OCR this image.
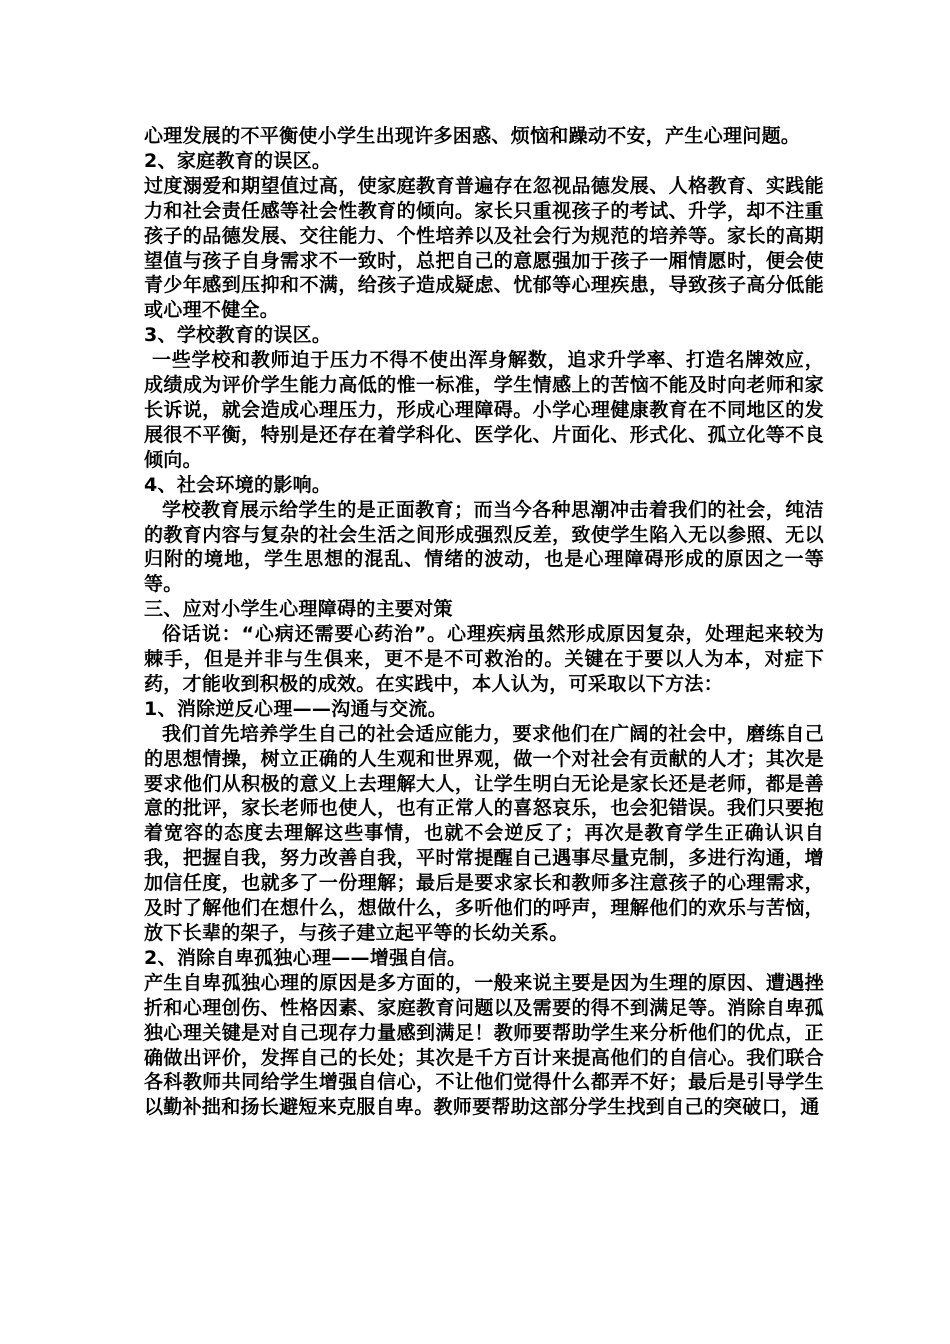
心理发展的不平衡使小学生出现许多困惑、烦恼和躁动不安，产生心理问题。

2、家庭教育的误区。

过度溺爱和期望值过高，使家庭教育普遍存在忽视品德发展、人格教育、实践能力和社会责任感等社会性教育的倾向。家长只重视孩子的考试、升学，却不注重孩子的品德发展、交往能力、个性培养以及社会行为规范的培养等。家长的高期望值与孩子自身需求不一致时，总把自己的意愿强加于孩子一厢情愿时，便会使青少年感到压抑和不满，给孩子造成疑虑、忧郁等心理疾患，导致孩子高分低能或心理不健全。

3、学校教育的误区。

一些学校和教师迫于压力不得不使出浑身解数，追求升学率、打造名牌效应，成绩成为评价学生能力高低的惟一标准，学生情感上的苦恼不能及时向老师和家长诉说，就会造成心理压力，形成心理障碍。小学心理健康教育在不同地区的发展很不平衡，特别是还存在着学科化、医学化、片面化、形式化、孤立化等不良倾向。

4、社会环境的影响。

学校教育展示给学生的是正面教育；而当今各种思潮冲击着我们的社会，纯洁的教育内容与复杂的社会生活之间形成强烈反差，致使学生陷入无以参照、无以归附的境地，学生思想的混乱、情绪的波动，也是心理障碍形成的原因之一等等。

三、应对小学生心理障碍的主要对策

俗话说：“心病还需要心药治”。心理疾病虽然形成原因复杂，处理起来较为棘手，但是并非与生俱来，更不是不可救治的。关键在于要以人为本，对症下药，才能收到积极的成效。在实践中，本人认为，可采取以下方法：

1、消除逆反心理——沟通与交流。

我们首先培养学生自己的社会适应能力，要求他们在广阔的社会中，磨练自己的思想情操，树立正确的人生观和世界观，做一个对社会有贡献的人才；其次是要求他们从积极的意义上去理解大人，让学生明白无论是家长还是老师，都是善意的批评，家长老师也使人，也有正常人的喜怒哀乐，也会犯错误。我们只要抱着宽容的态度去理解这些事情，也就不会逆反了；再次是教育学生正确认识自我，把握自我，努力改善自我，平时常提醒自己遇事尽量克制，多进行沟通，增加信任度，也就多了一份理解；最后是要求家长和教师多注意孩子的心理需求，及时了解他们在想什么，想做什么，多听他们的呼声，理解他们的欢乐与苦恼，放下长辈的架子，与孩子建立起平等的长幼关系。

2、消除自卑孤独心理——增强自信。

产生自卑孤独心理的原因是多方面的，一般来说主要是因为生理的原因、遭遇挫折和心理创伤、性格因素、家庭教育问题以及需要的得不到满足等。消除自卑孤独心理关键是对自己现存力量感到满足！教师要帮助学生来分析他们的优点，正确做出评价，发挥自己的长处；其次是千方百计来提高他们的自信心。我们联合各科教师共同给学生增强自信心，不让他们觉得什么都弄不好；最后是引导学生以勤补拙和扬长避短来克服自卑。教师要帮助这部分学生找到自己的突破口，通
